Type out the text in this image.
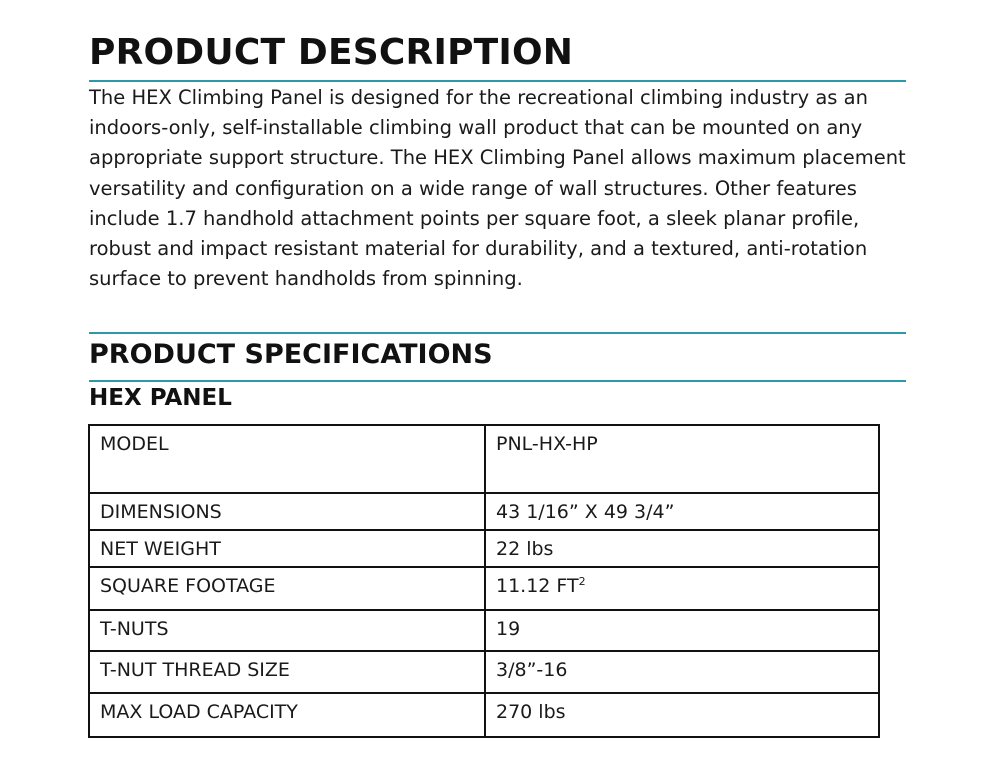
PRODUCT DESCRIPTION

The HEX Climbing Panel is designed for the recreational climbing industry as an indoors-only, self-installable climbing wall product that can be mounted on any appropriate support structure. The HEX Climbing Panel allows maximum placement versatility and configuration on a wide range of wall structures. Other features include 1.7 handhold attachment points per square foot, a sleek planar profile, robust and impact resistant material for durability, and a textured, anti-rotation surface to prevent handholds from spinning.

PRODUCT SPECIFICATIONS
HEX PANEL
MODEL	PNL-HX-HP

DIMENSIONS	43 1/16” X 49 3/4”

NET WEIGHT	22 lbs

SQUARE FOOTAGE	11.12 $FT^2$

T-NUTS	19

T-NUT THREAD SIZE	3/8”-16

MAX LOAD CAPACITY	270 lbs
